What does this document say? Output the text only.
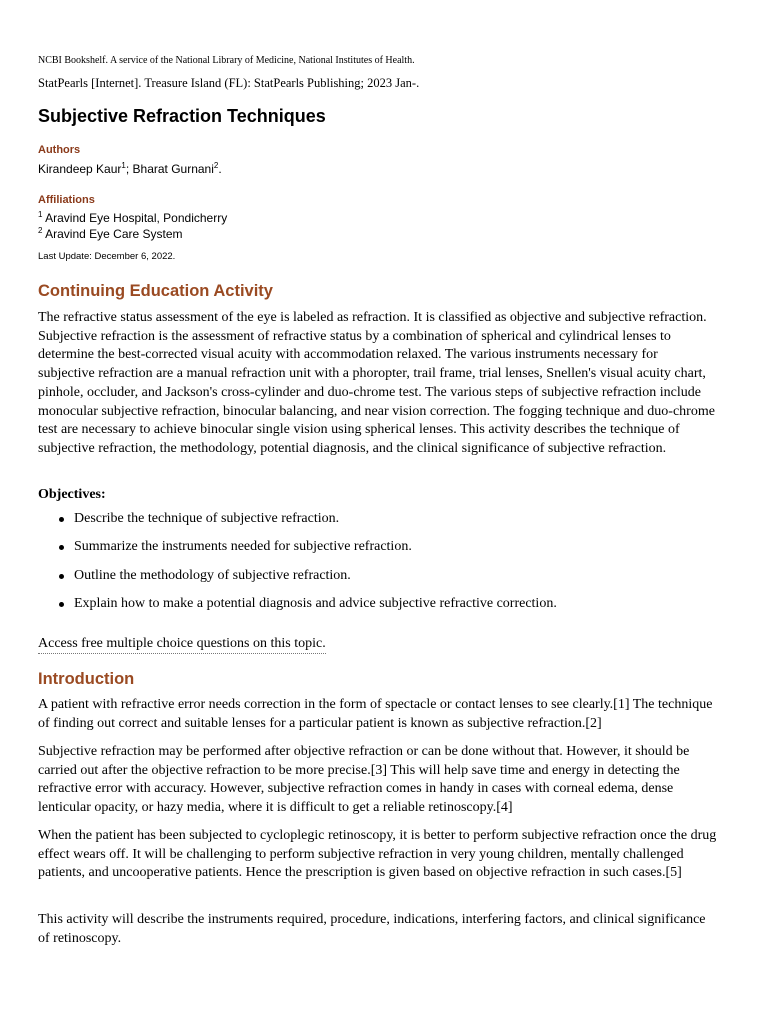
NCBI Bookshelf. A service of the National Library of Medicine, National Institutes of Health.
StatPearls [Internet]. Treasure Island (FL): StatPearls Publishing; 2023 Jan-.
Subjective Refraction Techniques
Authors
Kirandeep Kaur$^1$; Bharat Gurnani$^2$.
Affiliations
$^1$ Aravind Eye Hospital, Pondicherry
$^2$ Aravind Eye Care System
Last Update: December 6, 2022.
Continuing Education Activity

The refractive status assessment of the eye is labeled as refraction. It is classified as objective and subjective refraction. Subjective refraction is the assessment of refractive status by a combination of spherical and cylindrical lenses to determine the best-corrected visual acuity with accommodation relaxed. The various instruments necessary for subjective refraction are a manual refraction unit with a phoropter, trail frame, trial lenses, Snellen's visual acuity chart, pinhole, occluder, and Jackson's cross-cylinder and duo-chrome test. The various steps of subjective refraction include monocular subjective refraction, binocular balancing, and near vision correction. The fogging technique and duo-chrome test are necessary to achieve binocular single vision using spherical lenses. This activity describes the technique of subjective refraction, the methodology, potential diagnosis, and the clinical significance of subjective refraction.

Objectives:
Describe the technique of subjective refraction.
Summarize the instruments needed for subjective refraction.
Outline the methodology of subjective refraction.
Explain how to make a potential diagnosis and advice subjective refractive correction.
Access free multiple choice questions on this topic.
Introduction

A patient with refractive error needs correction in the form of spectacle or contact lenses to see clearly.[1] The technique of finding out correct and suitable lenses for a particular patient is known as subjective refraction.[2]

Subjective refraction may be performed after objective refraction or can be done without that. However, it should be carried out after the objective refraction to be more precise.[3] This will help save time and energy in detecting the refractive error with accuracy. However, subjective refraction comes in handy in cases with corneal edema, dense lenticular opacity, or hazy media, where it is difficult to get a reliable retinoscopy.[4]

When the patient has been subjected to cycloplegic retinoscopy, it is better to perform subjective refraction once the drug effect wears off. It will be challenging to perform subjective refraction in very young children, mentally challenged patients, and uncooperative patients. Hence the prescription is given based on objective refraction in such cases.[5]

This activity will describe the instruments required, procedure, indications, interfering factors, and clinical significance of retinoscopy.
